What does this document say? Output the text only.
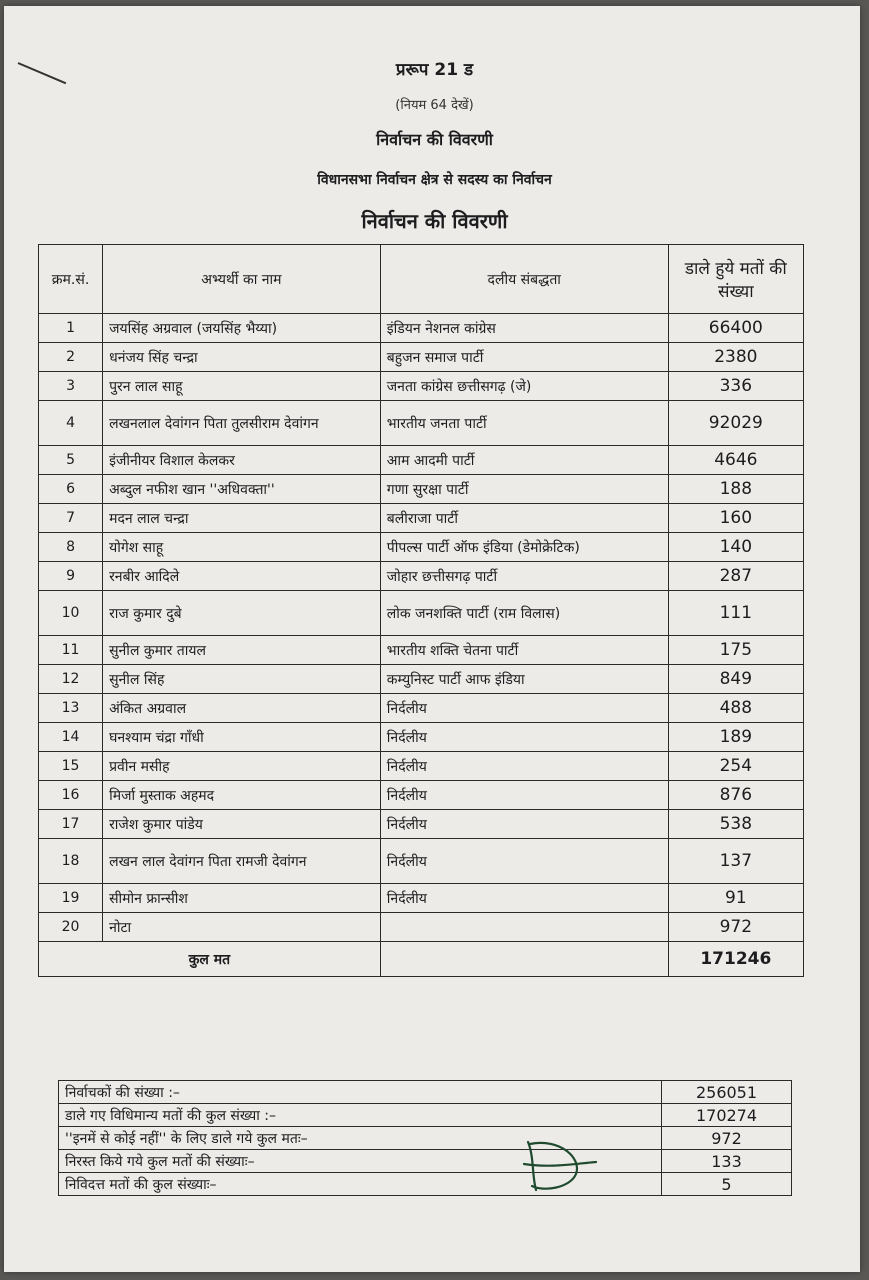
प्ररूप 21 ड
(नियम 64 देखें)
निर्वाचन की विवरणी
विधानसभा निर्वाचन क्षेत्र से सदस्य का निर्वाचन
निर्वाचन की विवरणी
क्रम.सं.	अभ्यर्थी का नाम	दलीय संबद्धता	डाले हुये मतों की संख्या
1	जयसिंह अग्रवाल (जयसिंह भैय्या)	इंडियन नेशनल कांग्रेस	66400
2	धनंजय सिंह चन्द्रा	बहुजन समाज पार्टी	2380
3	पुरन लाल साहू	जनता कांग्रेस छत्तीसगढ़ (जे)	336
4	लखनलाल देवांगन पिता तुलसीराम देवांगन	भारतीय जनता पार्टी	92029
5	इंजीनीयर विशाल केलकर	आम आदमी पार्टी	4646
6	अब्दुल नफीश खान ''अधिवक्ता''	गणा सुरक्षा पार्टी	188
7	मदन लाल चन्द्रा	बलीराजा पार्टी	160
8	योगेश साहू	पीपल्स पार्टी ऑफ इंडिया (डेमोक्रेटिक)	140
9	रनबीर आदिले	जोहार छत्तीसगढ़ पार्टी	287
10	राज कुमार दुबे	लोक जनशक्ति पार्टी (राम विलास)	111
11	सुनील कुमार तायल	भारतीय शक्ति चेतना पार्टी	175
12	सुनील सिंह	कम्युनिस्ट पार्टी आफ इंडिया	849
13	अंकित अग्रवाल	निर्दलीय	488
14	घनश्याम चंद्रा गाँधी	निर्दलीय	189
15	प्रवीन मसीह	निर्दलीय	254
16	मिर्जा मुस्ताक अहमद	निर्दलीय	876
17	राजेश कुमार पांडेय	निर्दलीय	538
18	लखन लाल देवांगन पिता रामजी देवांगन	निर्दलीय	137
19	सीमोन फ्रान्सीश	निर्दलीय	91
20	नोटा		972
कुल मत			171246
निर्वाचकों की संख्या :–	256051
डाले गए विधिमान्य मतों की कुल संख्या :–	170274
''इनमें से कोई नहीं'' के लिए डाले गये कुल मतः–	972
निरस्त किये गये कुल मतों की संख्याः–	133
निविदत्त मतों की कुल संख्याः–	5
